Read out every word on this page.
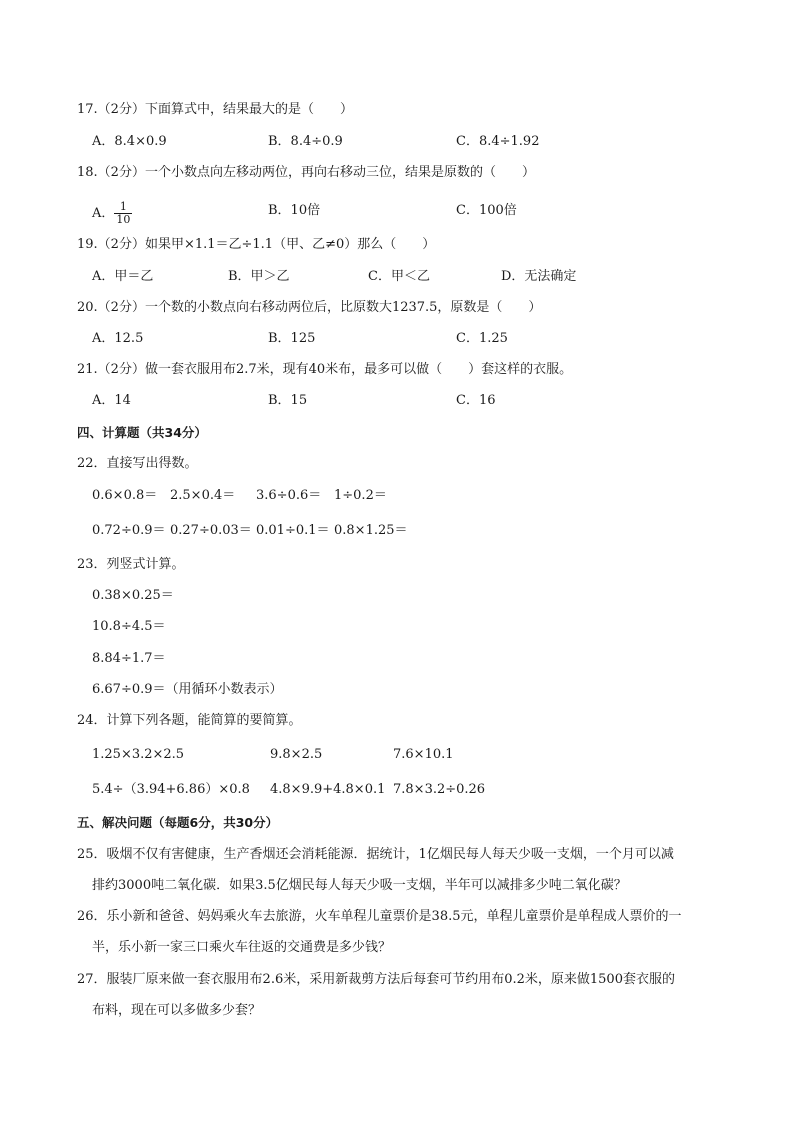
17.（2分）下面算式中，结果最大的是（　　）
A．8.4×0.9	B．8.4÷0.9	C．8.4÷1.92
18.（2分）一个小数点向左移动两位，再向右移动三位，结果是原数的（　　）
A． $\frac{1}{10}$	B．10倍	C．100倍
19.（2分）如果甲×1.1＝乙÷1.1（甲、乙≠0）那么（　　）
A．甲＝乙	B．甲＞乙	C．甲＜乙	D．无法确定
20.（2分）一个数的小数点向右移动两位后，比原数大1237.5，原数是（　　）
A．12.5	B．125	C．1.25
21.（2分）做一套衣服用布2.7米，现有40米布，最多可以做（　　）套这样的衣服。
A．14	B．15	C．16
四、计算题（共34分）
22．直接写出得数。
0.6×0.8＝ 2.5×0.4＝ 3.6÷0.6＝ 1÷0.2＝
0.72÷0.9＝ 0.27÷0.03＝ 0.01÷0.1＝ 0.8×1.25＝
23．列竖式计算。
0.38×0.25＝
10.8÷4.5＝
8.84÷1.7＝
6.67÷0.9＝（用循环小数表示）
24．计算下列各题，能简算的要简算。
1.25×3.2×2.5	9.8×2.5	7.6×10.1
5.4÷（3.94+6.86）×0.8 4.8×9.9+4.8×0.1 7.8×3.2÷0.26
五、解决问题（每题6分，共30分）
25．吸烟不仅有害健康，生产香烟还会消耗能源．据统计，1亿烟民每人每天少吸一支烟，一个月可以减
排约3000吨二氧化碳．如果3.5亿烟民每人每天少吸一支烟，半年可以减排多少吨二氧化碳？
26．乐小新和爸爸、妈妈乘火车去旅游，火车单程儿童票价是38.5元，单程儿童票价是单程成人票价的一
半，乐小新一家三口乘火车往返的交通费是多少钱？
27．服装厂原来做一套衣服用布2.6米，采用新裁剪方法后每套可节约用布0.2米，原来做1500套衣服的
布料，现在可以多做多少套？
